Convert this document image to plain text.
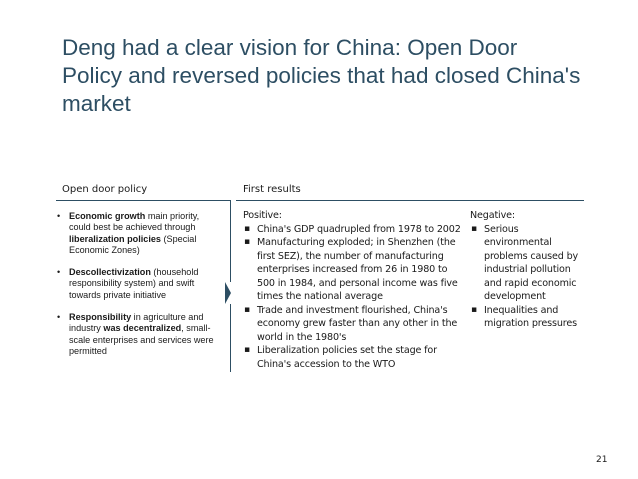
Deng had a clear vision for China: Open Door Policy and reversed policies that had closed China's market
Open door policy	First results
• Economic growth main priority, could best be achieved through liberalization policies (Special Economic Zones)
• Descollectivization (household responsibility system) and swift towards private initiative
• Responsibility in agriculture and industry was decentralized, small-scale enterprises and services were permitted
Positive:
▪ China's GDP quadrupled from 1978 to 2002
▪ Manufacturing exploded; in Shenzhen (the first SEZ), the number of manufacturing enterprises increased from 26 in 1980 to 500 in 1984, and personal income was five times the national average
▪ Trade and investment flourished, China's economy grew faster than any other in the world in the 1980's
▪ Liberalization policies set the stage for China's accession to the WTO
Negative:
▪ Serious environmental problems caused by industrial pollution and rapid economic development
▪ Inequalities and migration pressures
21
